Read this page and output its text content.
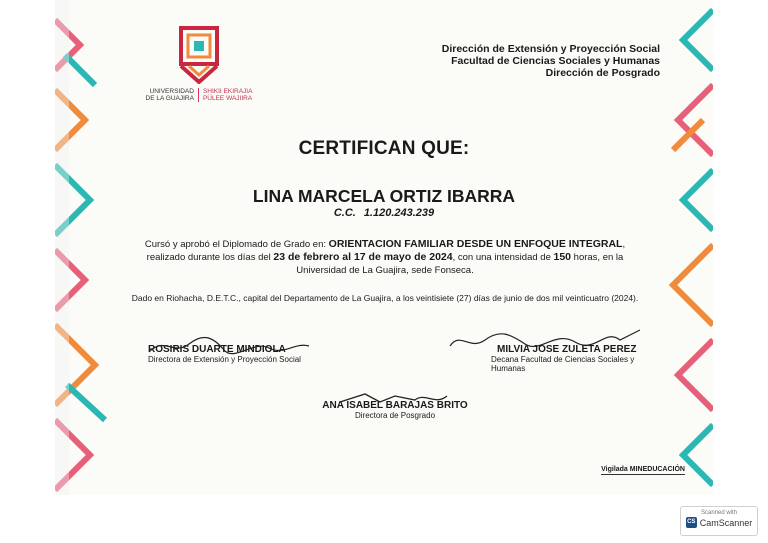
UNIVERSIDAD
DE LA GUAJIRA
SHIKII EKIRAJIA
PÜLEE WAJIIRA
Dirección de Extensión y Proyección Social
Facultad de Ciencias Sociales y Humanas
Dirección de Posgrado
CERTIFICAN QUE:
LINA MARCELA ORTIZ IBARRA
C.C. 1.120.243.239
Cursó y aprobó el Diplomado de Grado en: ORIENTACION FAMILIAR DESDE UN ENFOQUE INTEGRAL, realizado durante los días del 23 de febrero al 17 de mayo de 2024, con una intensidad de 150 horas, en la Universidad de La Guajira, sede Fonseca.
Dado en Riohacha, D.E.T.C., capital del Departamento de La Guajira, a los veintisiete (27) días de junio de dos mil veinticuatro (2024).
ROSIRIS DUARTE MINDIOLA
Directora de Extensión y Proyección Social
MILVIA JOSE ZULETA PEREZ
Decana Facultad de Ciencias Sociales y Humanas
ANA ISABEL BARAJAS BRITO
Directora de Posgrado
Vigilada MINEDUCACIÓN
Scanned with
CS CamScanner
